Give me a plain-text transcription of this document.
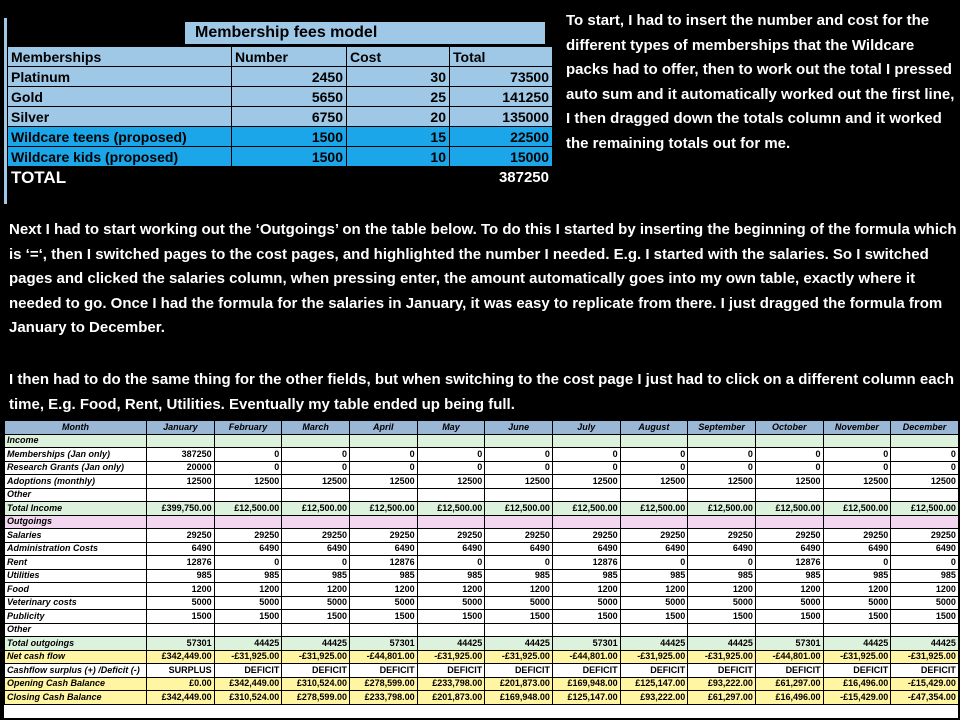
Membership fees model
Memberships	Number	Cost	Total
Platinum	2450	30	73500
Gold	5650	25	141250
Silver	6750	20	135000
Wildcare teens (proposed)	1500	15	22500
Wildcare kids (proposed)	1500	10	15000
TOTAL			387250

To start, I had to insert the number and cost for the different types of memberships that the Wildcare packs had to offer, then to work out the total I pressed auto sum and it automatically worked out the first line, I then dragged down the totals column and it worked the remaining totals out for me.

Next I had to start working out the ‘Outgoings’ on the table below. To do this I started by inserting the beginning of the formula which is ‘=‘, then I switched pages to the cost pages, and highlighted the number I needed. E.g. I started with the salaries. So I switched pages and clicked the salaries column, when pressing enter, the amount automatically goes into my own table, exactly where it needed to go. Once I had the formula for the salaries in January, it was easy to replicate from there. I just dragged the formula from January to December.

I then had to do the same thing for the other fields, but when switching to the cost page I just had to click on a different column each time, E.g. Food, Rent, Utilities. Eventually my table ended up being full.

Month	January	February	March	April	May	June	July	August	September	October	November	December
Income												
Memberships (Jan only)	387250	0	0	0	0	0	0	0	0	0	0	0
Research Grants (Jan only)	20000	0	0	0	0	0	0	0	0	0	0	0
Adoptions (monthly)	12500	12500	12500	12500	12500	12500	12500	12500	12500	12500	12500	12500
Other												
Total Income	£399,750.00	£12,500.00	£12,500.00	£12,500.00	£12,500.00	£12,500.00	£12,500.00	£12,500.00	£12,500.00	£12,500.00	£12,500.00	£12,500.00
Outgoings												
Salaries	29250	29250	29250	29250	29250	29250	29250	29250	29250	29250	29250	29250
Administration Costs	6490	6490	6490	6490	6490	6490	6490	6490	6490	6490	6490	6490
Rent	12876	0	0	12876	0	0	12876	0	0	12876	0	0
Utilities	985	985	985	985	985	985	985	985	985	985	985	985
Food	1200	1200	1200	1200	1200	1200	1200	1200	1200	1200	1200	1200
Veterinary costs	5000	5000	5000	5000	5000	5000	5000	5000	5000	5000	5000	5000
Publicity	1500	1500	1500	1500	1500	1500	1500	1500	1500	1500	1500	1500
Other												
Total outgoings	57301	44425	44425	57301	44425	44425	57301	44425	44425	57301	44425	44425
Net cash flow	£342,449.00	-£31,925.00	-£31,925.00	-£44,801.00	-£31,925.00	-£31,925.00	-£44,801.00	-£31,925.00	-£31,925.00	-£44,801.00	-£31,925.00	-£31,925.00
Cashflow surplus (+) /Deficit (-)	SURPLUS	DEFICIT	DEFICIT	DEFICIT	DEFICIT	DEFICIT	DEFICIT	DEFICIT	DEFICIT	DEFICIT	DEFICIT	DEFICIT
Opening Cash Balance	£0.00	£342,449.00	£310,524.00	£278,599.00	£233,798.00	£201,873.00	£169,948.00	£125,147.00	£93,222.00	£61,297.00	£16,496.00	-£15,429.00
Closing Cash Balance	£342,449.00	£310,524.00	£278,599.00	£233,798.00	£201,873.00	£169,948.00	£125,147.00	£93,222.00	£61,297.00	£16,496.00	-£15,429.00	-£47,354.00
